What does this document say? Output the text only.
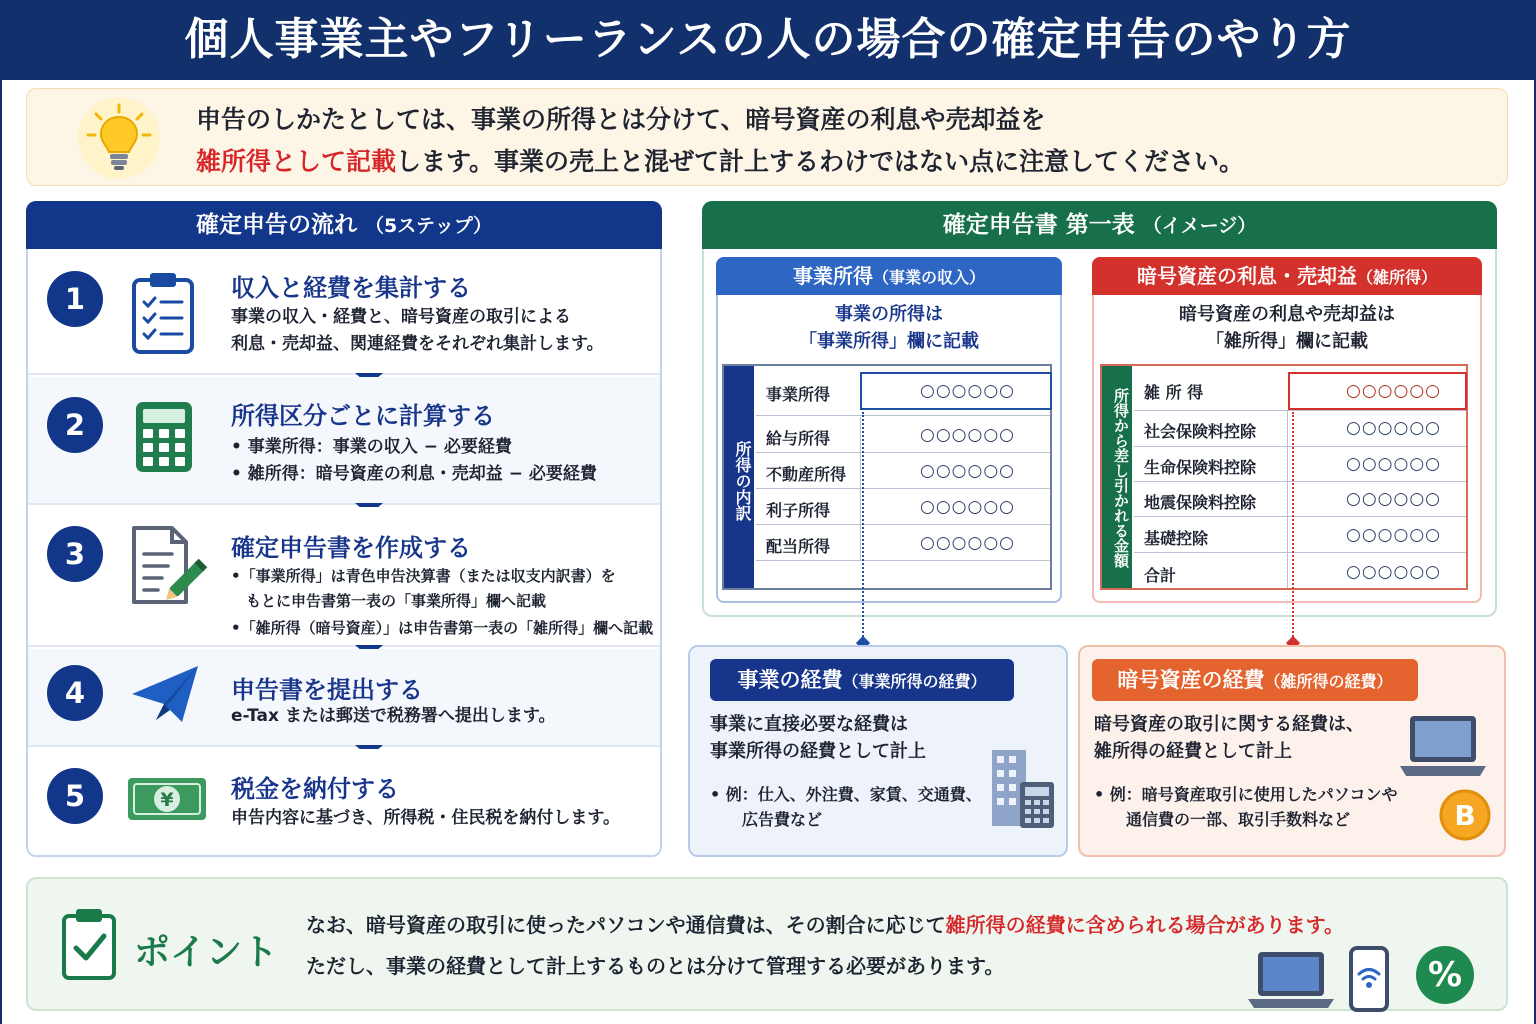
個人事業主やフリーランスの人の場合の確定申告のやり方
申告のしかたとしては、事業の所得とは分けて、暗号資産の利息や売却益を
雑所得として記載します。事業の売上と混ぜて計上するわけではない点に注意してください。
確定申告の流れ （5ステップ）
1	収入と経費を集計する
事業の収入・経費と、暗号資産の取引による
利息・売却益、関連経費をそれぞれ集計します。
2	所得区分ごとに計算する
• 事業所得：事業の収入 − 必要経費
• 雑所得：暗号資産の利息・売却益 − 必要経費
3	確定申告書を作成する
•「事業所得」は青色申告決算書（または収支内訳書）を
　もとに申告書第一表の「事業所得」欄へ記載
•「雑所得（暗号資産）」は申告書第一表の「雑所得」欄へ記載
4	申告書を提出する
e-Tax または郵送で税務署へ提出します。
5	¥ 税金を納付する
申告内容に基づき、所得税・住民税を納付します。
確定申告書 第一表 （イメージ）
事業所得（事業の収入）
事業の所得は
「事業所得」欄に記載
所得の内訳
事業所得	○○○○○○
給与所得	○○○○○○
不動産所得	○○○○○○
利子所得	○○○○○○
配当所得	○○○○○○
暗号資産の利息・売却益（雑所得）
暗号資産の利息や売却益は
「雑所得」欄に記載
所得から差し引かれる金額 雑 所 得	○○○○○○
社会保険料控除	○○○○○○
生命保険料控除	○○○○○○
地震保険料控除	○○○○○○
基礎控除	○○○○○○
合計	○○○○○○
事業の経費（事業所得の経費）
事業に直接必要な経費は
事業所得の経費として計上
• 例：仕入、外注費、家賃、交通費、
　　広告費など
暗号資産の経費（雑所得の経費）
暗号資産の取引に関する経費は、
雑所得の経費として計上
• 例：暗号資産取引に使用したパソコンや
　　通信費の一部、取引手数料など	B
ポイント
なお、暗号資産の取引に使ったパソコンや通信費は、その割合に応じて雑所得の経費に含められる場合があります。
ただし、事業の経費として計上するものとは分けて管理する必要があります。	%
